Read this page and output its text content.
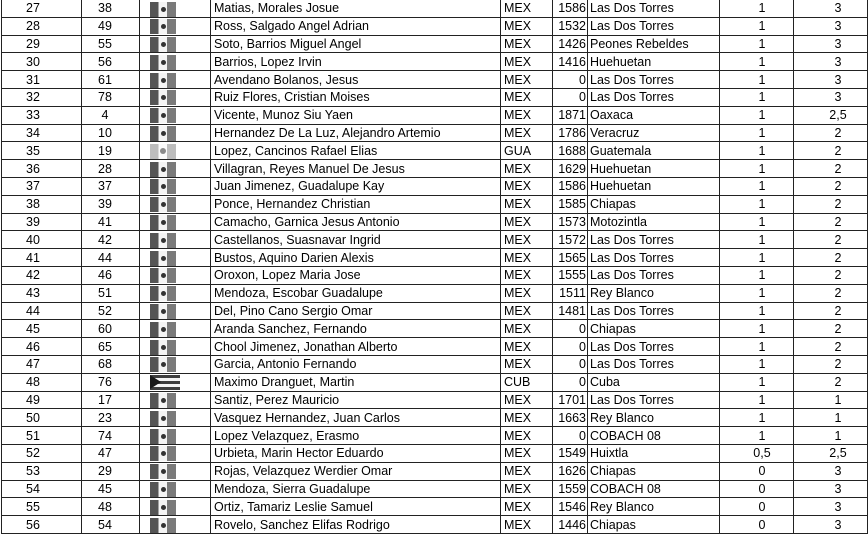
27	38		Matias, Morales Josue	MEX	1586	Las Dos Torres	1	3
28	49		Ross, Salgado Angel Adrian	MEX	1532	Las Dos Torres	1	3
29	55		Soto, Barrios Miguel Angel	MEX	1426	Peones Rebeldes	1	3
30	56		Barrios, Lopez Irvin	MEX	1416	Huehuetan	1	3
31	61		Avendano Bolanos, Jesus	MEX	0	Las Dos Torres	1	3
32	78		Ruiz Flores, Cristian Moises	MEX	0	Las Dos Torres	1	3
33	4		Vicente, Munoz Siu Yaen	MEX	1871	Oaxaca	1	2,5
34	10		Hernandez De La Luz, Alejandro Artemio	MEX	1786	Veracruz	1	2
35	19		Lopez, Cancinos Rafael Elias	GUA	1688	Guatemala	1	2
36	28		Villagran, Reyes Manuel De Jesus	MEX	1629	Huehuetan	1	2
37	37		Juan Jimenez, Guadalupe Kay	MEX	1586	Huehuetan	1	2
38	39		Ponce, Hernandez Christian	MEX	1585	Chiapas	1	2
39	41		Camacho, Garnica Jesus Antonio	MEX	1573	Motozintla	1	2
40	42		Castellanos, Suasnavar Ingrid	MEX	1572	Las Dos Torres	1	2
41	44		Bustos, Aquino Darien Alexis	MEX	1565	Las Dos Torres	1	2
42	46		Oroxon, Lopez Maria Jose	MEX	1555	Las Dos Torres	1	2
43	51		Mendoza, Escobar Guadalupe	MEX	1511	Rey Blanco	1	2
44	52		Del, Pino Cano Sergio Omar	MEX	1481	Las Dos Torres	1	2
45	60		Aranda Sanchez, Fernando	MEX	0	Chiapas	1	2
46	65		Chool Jimenez, Jonathan Alberto	MEX	0	Las Dos Torres	1	2
47	68		Garcia, Antonio Fernando	MEX	0	Las Dos Torres	1	2
48	76		Maximo Dranguet, Martin	CUB	0	Cuba	1	2
49	17		Santiz, Perez Mauricio	MEX	1701	Las Dos Torres	1	1
50	23		Vasquez Hernandez, Juan Carlos	MEX	1663	Rey Blanco	1	1
51	74		Lopez Velazquez, Erasmo	MEX	0	COBACH 08	1	1
52	47		Urbieta, Marin Hector Eduardo	MEX	1549	Huixtla	0,5	2,5
53	29		Rojas, Velazquez Werdier Omar	MEX	1626	Chiapas	0	3
54	45		Mendoza, Sierra Guadalupe	MEX	1559	COBACH 08	0	3
55	48		Ortiz, Tamariz Leslie Samuel	MEX	1546	Rey Blanco	0	3
56	54		Rovelo, Sanchez Elifas Rodrigo	MEX	1446	Chiapas	0	3
